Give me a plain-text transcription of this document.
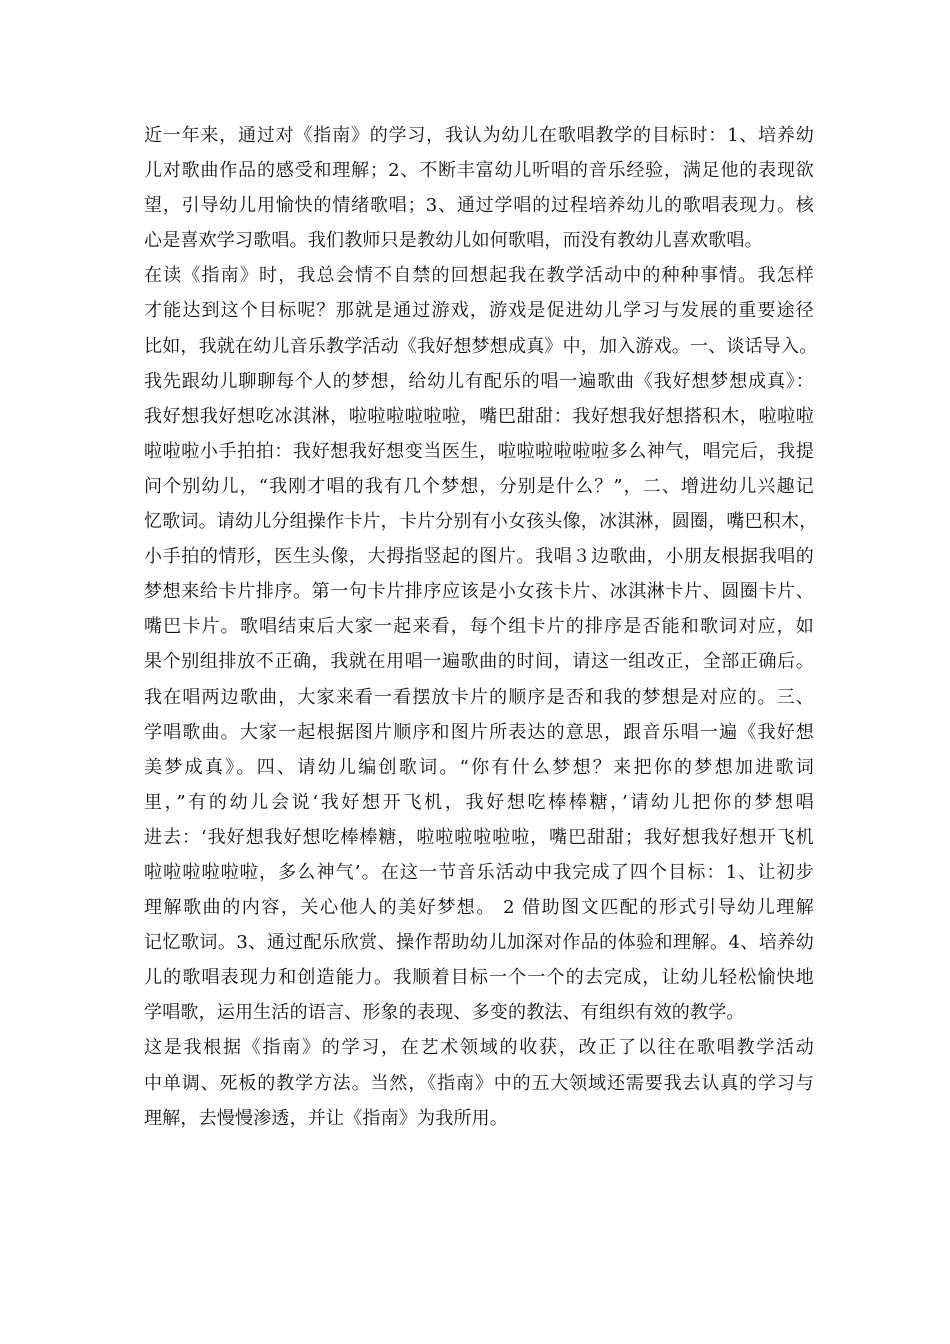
近一年来，通过对《指南》的学习，我认为幼儿在歌唱教学的目标时：1、培养幼
儿对歌曲作品的感受和理解；2、不断丰富幼儿听唱的音乐经验，满足他的表现欲
望，引导幼儿用愉快的情绪歌唱；3、通过学唱的过程培养幼儿的歌唱表现力。核
心是喜欢学习歌唱。我们教师只是教幼儿如何歌唱，而没有教幼儿喜欢歌唱。
在读《指南》时，我总会情不自禁的回想起我在教学活动中的种种事情。我怎样
才能达到这个目标呢？那就是通过游戏，游戏是促进幼儿学习与发展的重要途径
比如，我就在幼儿音乐教学活动《我好想梦想成真》中，加入游戏。一、谈话导入。
我先跟幼儿聊聊每个人的梦想，给幼儿有配乐的唱一遍歌曲《我好想梦想成真》：
我好想我好想吃冰淇淋，啦啦啦啦啦啦，嘴巴甜甜：我好想我好想搭积木，啦啦啦
啦啦啦小手拍拍：我好想我好想变当医生，啦啦啦啦啦啦多么神气，唱完后，我提
问个别幼儿，“我刚才唱的我有几个梦想，分别是什么？”，二、增进幼儿兴趣记
忆歌词。请幼儿分组操作卡片，卡片分别有小女孩头像，冰淇淋，圆圈，嘴巴积木，
小手拍的情形，医生头像，大拇指竖起的图片。我唱３边歌曲，小朋友根据我唱的
梦想来给卡片排序。第一句卡片排序应该是小女孩卡片、冰淇淋卡片、圆圈卡片、
嘴巴卡片。歌唱结束后大家一起来看，每个组卡片的排序是否能和歌词对应，如
果个别组排放不正确，我就在用唱一遍歌曲的时间，请这一组改正，全部正确后。
我在唱两边歌曲，大家来看一看摆放卡片的顺序是否和我的梦想是对应的。三、
学唱歌曲。大家一起根据图片顺序和图片所表达的意思，跟音乐唱一遍《我好想
美梦成真》。四、请幼儿编创歌词。“你有什么梦想？来把你的梦想加进歌词
里，”有的幼儿会说‘我好想开飞机，我好想吃棒棒糖，’请幼儿把你的梦想唱
进去：‘我好想我好想吃棒棒糖，啦啦啦啦啦啦，嘴巴甜甜；我好想我好想开飞机
啦啦啦啦啦啦，多么神气’。在这一节音乐活动中我完成了四个目标：1、让初步
理解歌曲的内容，关心他人的美好梦想。 2 借助图文匹配的形式引导幼儿理解
记忆歌词。3、通过配乐欣赏、操作帮助幼儿加深对作品的体验和理解。4、培养幼
儿的歌唱表现力和创造能力。我顺着目标一个一个的去完成，让幼儿轻松愉快地
学唱歌，运用生活的语言、形象的表现、多变的教法、有组织有效的教学。
这是我根据《指南》的学习，在艺术领域的收获，改正了以往在歌唱教学活动
中单调、死板的教学方法。当然，《指南》中的五大领域还需要我去认真的学习与
理解，去慢慢渗透，并让《指南》为我所用。
